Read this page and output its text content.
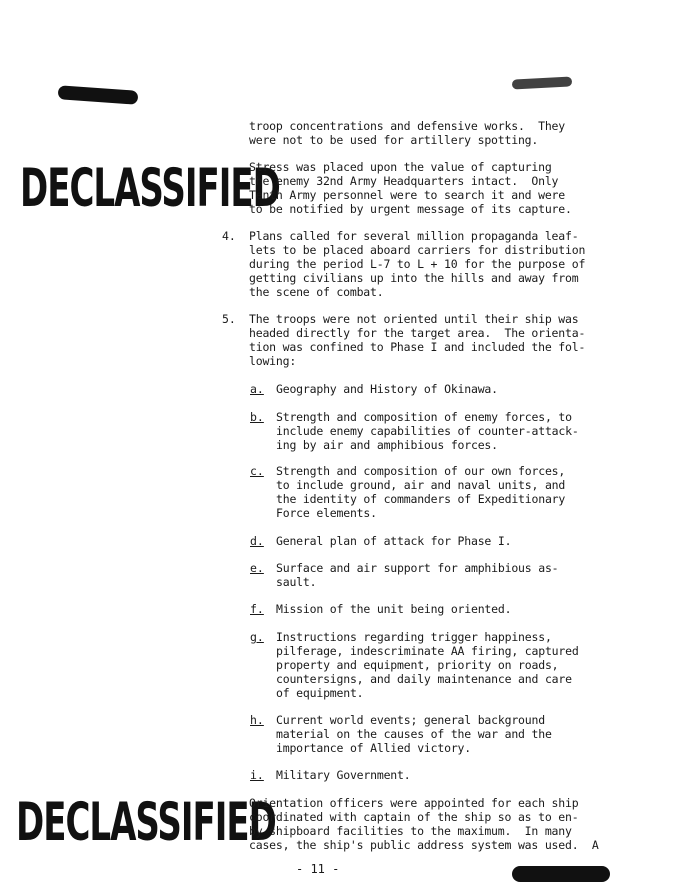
DECLASSIFIED
DECLASSIFIED

troop concentrations and defensive works.  They
were not to be used for artillery spotting.

Stress was placed upon the value of capturing
the enemy 32nd Army Headquarters intact.  Only
Tenth Army personnel were to search it and were
to be notified by urgent message of its capture.

4. Plans called for several million propaganda leaf-
lets to be placed aboard carriers for distribution
during the period L-7 to L + 10 for the purpose of
getting civilians up into the hills and away from
the scene of combat.

5. The troops were not oriented until their ship was
headed directly for the target area.  The orienta-
tion was confined to Phase I and included the fol-
lowing:

a. Geography and History of Okinawa.

b. Strength and composition of enemy forces, to
include enemy capabilities of counter-attack-
ing by air and amphibious forces.

c. Strength and composition of our own forces,
to include ground, air and naval units, and
the identity of commanders of Expeditionary
Force elements.

d. General plan of attack for Phase I.

e. Surface and air support for amphibious as-
sault.

f. Mission of the unit being oriented.

g. Instructions regarding trigger happiness,
pilferage, indescriminate AA firing, captured
property and equipment, priority on roads,
countersigns, and daily maintenance and care
of equipment.

h. Current world events; general background
material on the causes of the war and the
importance of Allied victory.

i. Military Government.

Orientation officers were appointed for each ship
coordinated with captain of the ship so as to en-
by shipboard facilities to the maximum.  In many
cases, the ship's public address system was used.  A

- 11 -
